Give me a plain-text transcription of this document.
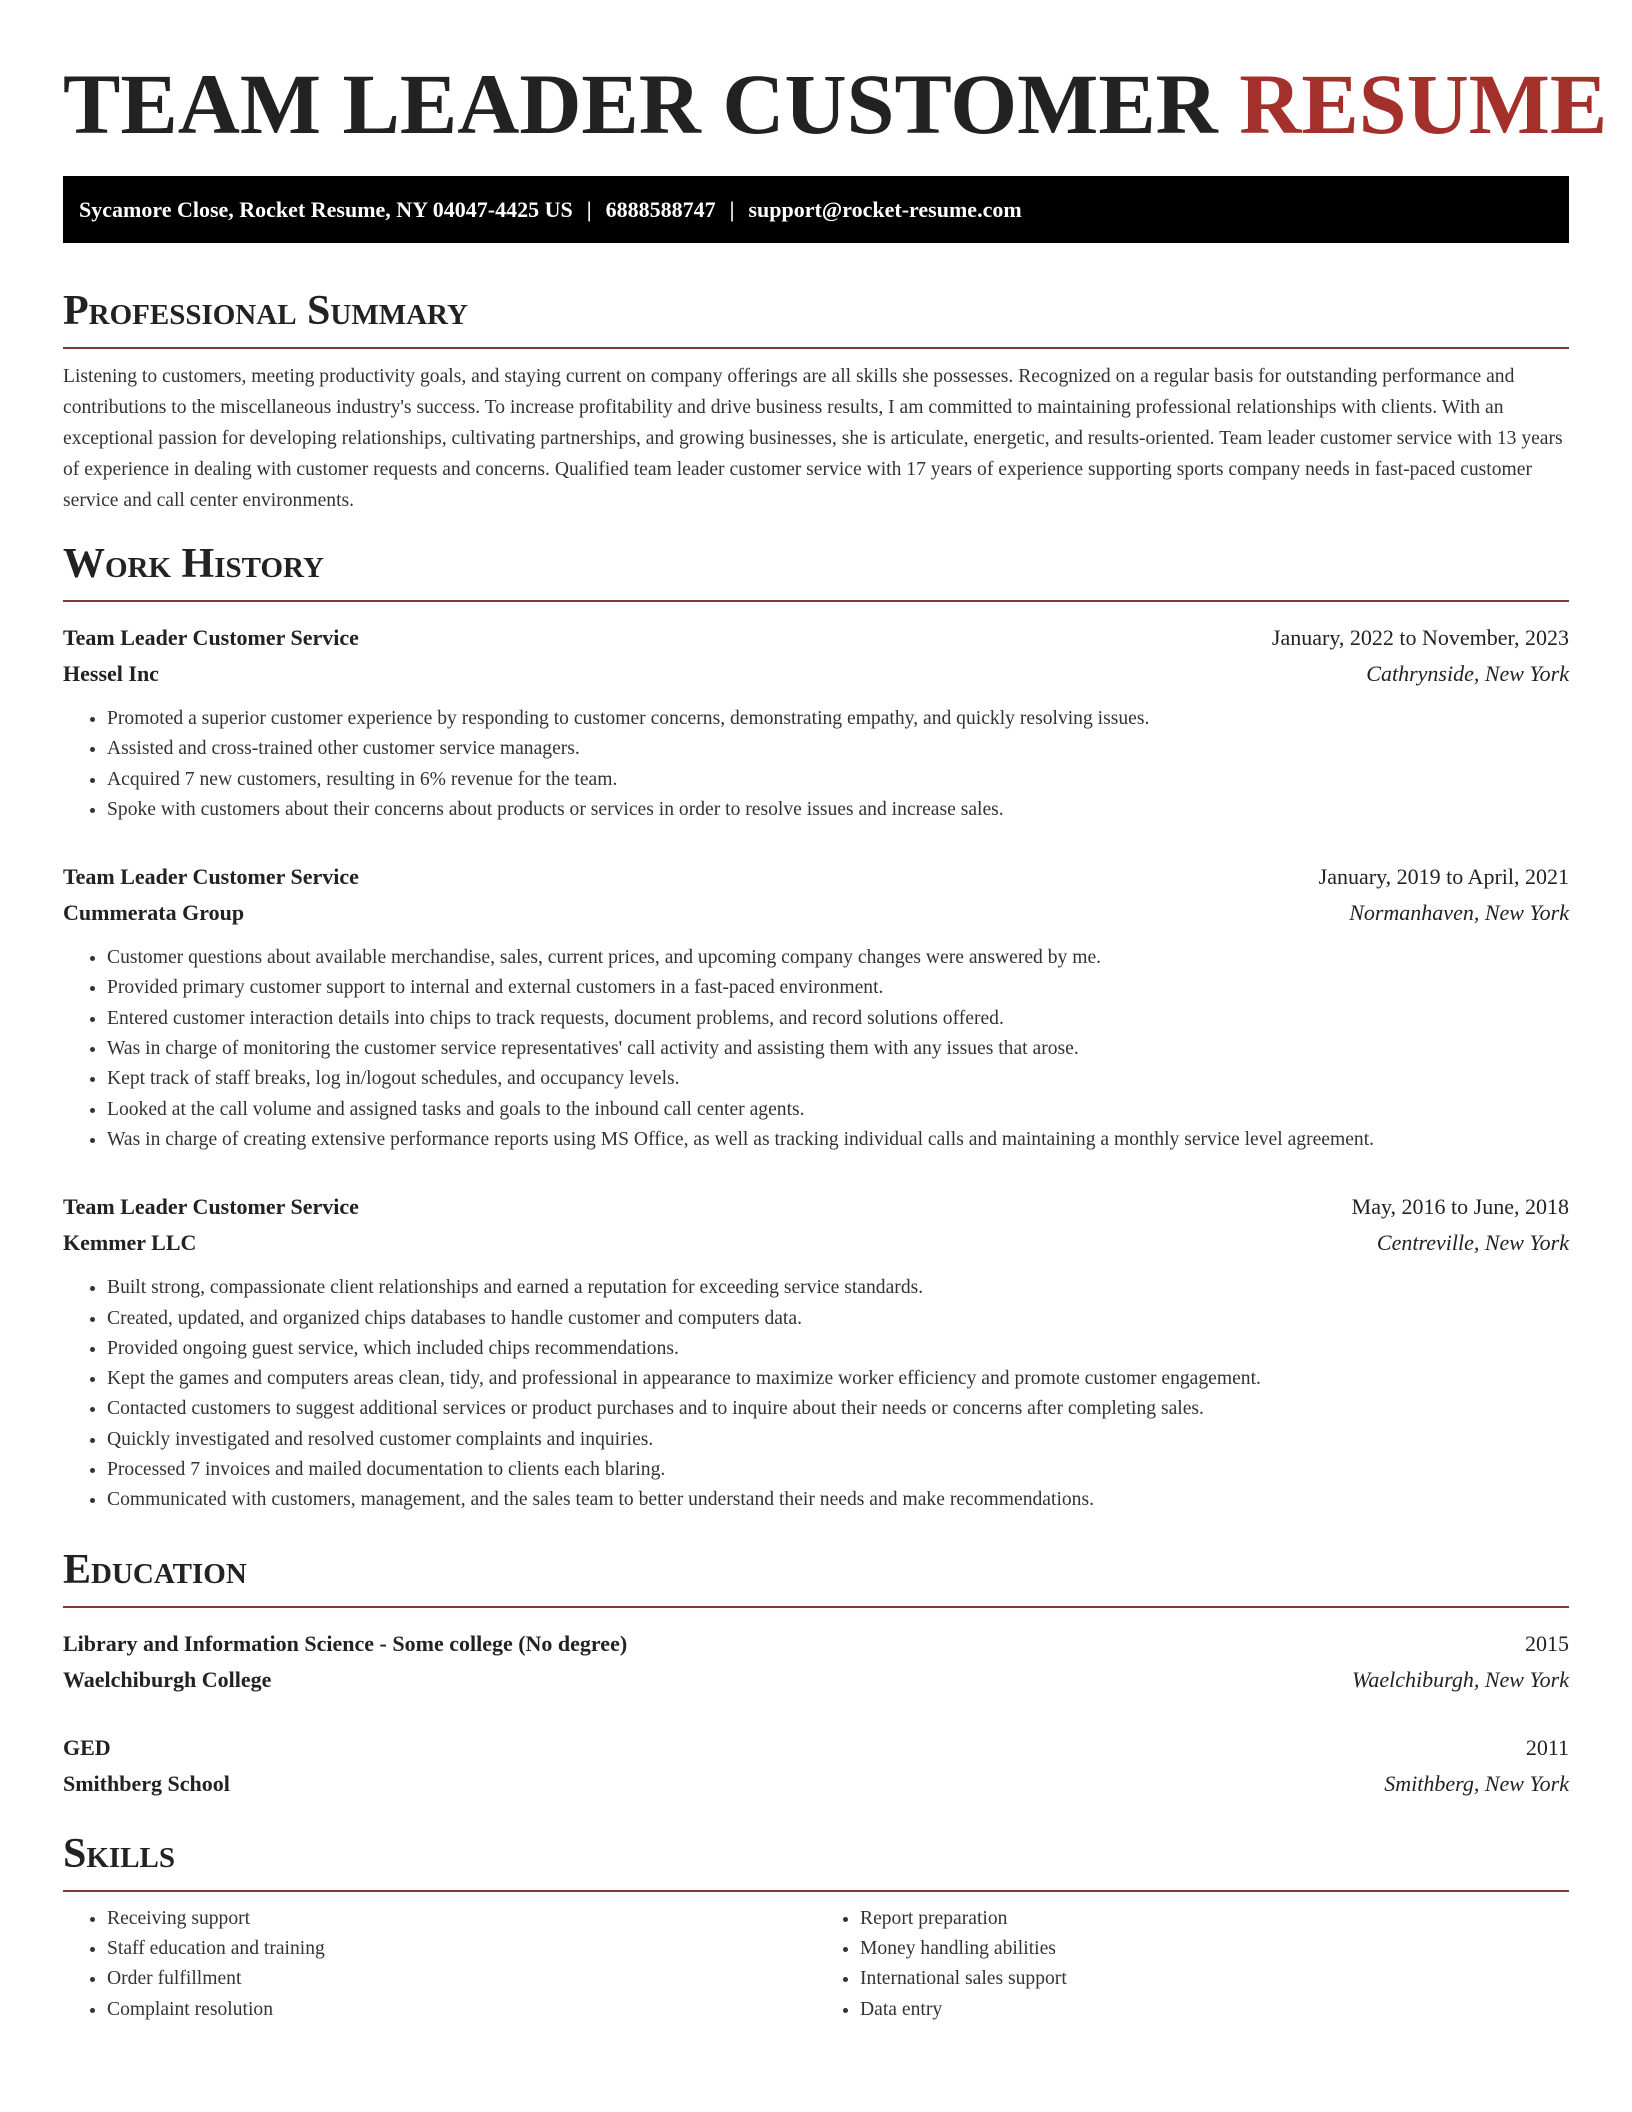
TEAM LEADER CUSTOMER RESUME
Sycamore Close, Rocket Resume, NY 04047-4425 US | 6888588747 | support@rocket-resume.com
Professional Summary

Listening to customers, meeting productivity goals, and staying current on company offerings are all skills she possesses. Recognized on a regular basis for outstanding performance and contributions to the miscellaneous industry's success. To increase profitability and drive business results, I am committed to maintaining professional relationships with clients. With an exceptional passion for developing relationships, cultivating partnerships, and growing businesses, she is articulate, energetic, and results-oriented. Team leader customer service with 13 years of experience in dealing with customer requests and concerns. Qualified team leader customer service with 17 years of experience supporting sports company needs in fast-paced customer service and call center environments.

Work History
Team Leader Customer Service	January, 2022 to November, 2023
Hessel Inc	Cathrynside, New York
• Promoted a superior customer experience by responding to customer concerns, demonstrating empathy, and quickly resolving issues.
• Assisted and cross-trained other customer service managers.
• Acquired 7 new customers, resulting in 6% revenue for the team.
• Spoke with customers about their concerns about products or services in order to resolve issues and increase sales.
Team Leader Customer Service	January, 2019 to April, 2021
Cummerata Group	Normanhaven, New York
• Customer questions about available merchandise, sales, current prices, and upcoming company changes were answered by me.
• Provided primary customer support to internal and external customers in a fast-paced environment.
• Entered customer interaction details into chips to track requests, document problems, and record solutions offered.
• Was in charge of monitoring the customer service representatives' call activity and assisting them with any issues that arose.
• Kept track of staff breaks, log in/logout schedules, and occupancy levels.
• Looked at the call volume and assigned tasks and goals to the inbound call center agents.
• Was in charge of creating extensive performance reports using MS Office, as well as tracking individual calls and maintaining a monthly service level agreement.
Team Leader Customer Service	May, 2016 to June, 2018
Kemmer LLC	Centreville, New York
• Built strong, compassionate client relationships and earned a reputation for exceeding service standards.
• Created, updated, and organized chips databases to handle customer and computers data.
• Provided ongoing guest service, which included chips recommendations.
• Kept the games and computers areas clean, tidy, and professional in appearance to maximize worker efficiency and promote customer engagement.
• Contacted customers to suggest additional services or product purchases and to inquire about their needs or concerns after completing sales.
• Quickly investigated and resolved customer complaints and inquiries.
• Processed 7 invoices and mailed documentation to clients each blaring.
• Communicated with customers, management, and the sales team to better understand their needs and make recommendations.
Education
Library and Information Science - Some college (No degree)	2015
Waelchiburgh College	Waelchiburgh, New York
GED	2011
Smithberg School	Smithberg, New York
Skills
• Receiving support
• Staff education and training
• Order fulfillment
• Complaint resolution
• Report preparation
• Money handling abilities
• International sales support
• Data entry
